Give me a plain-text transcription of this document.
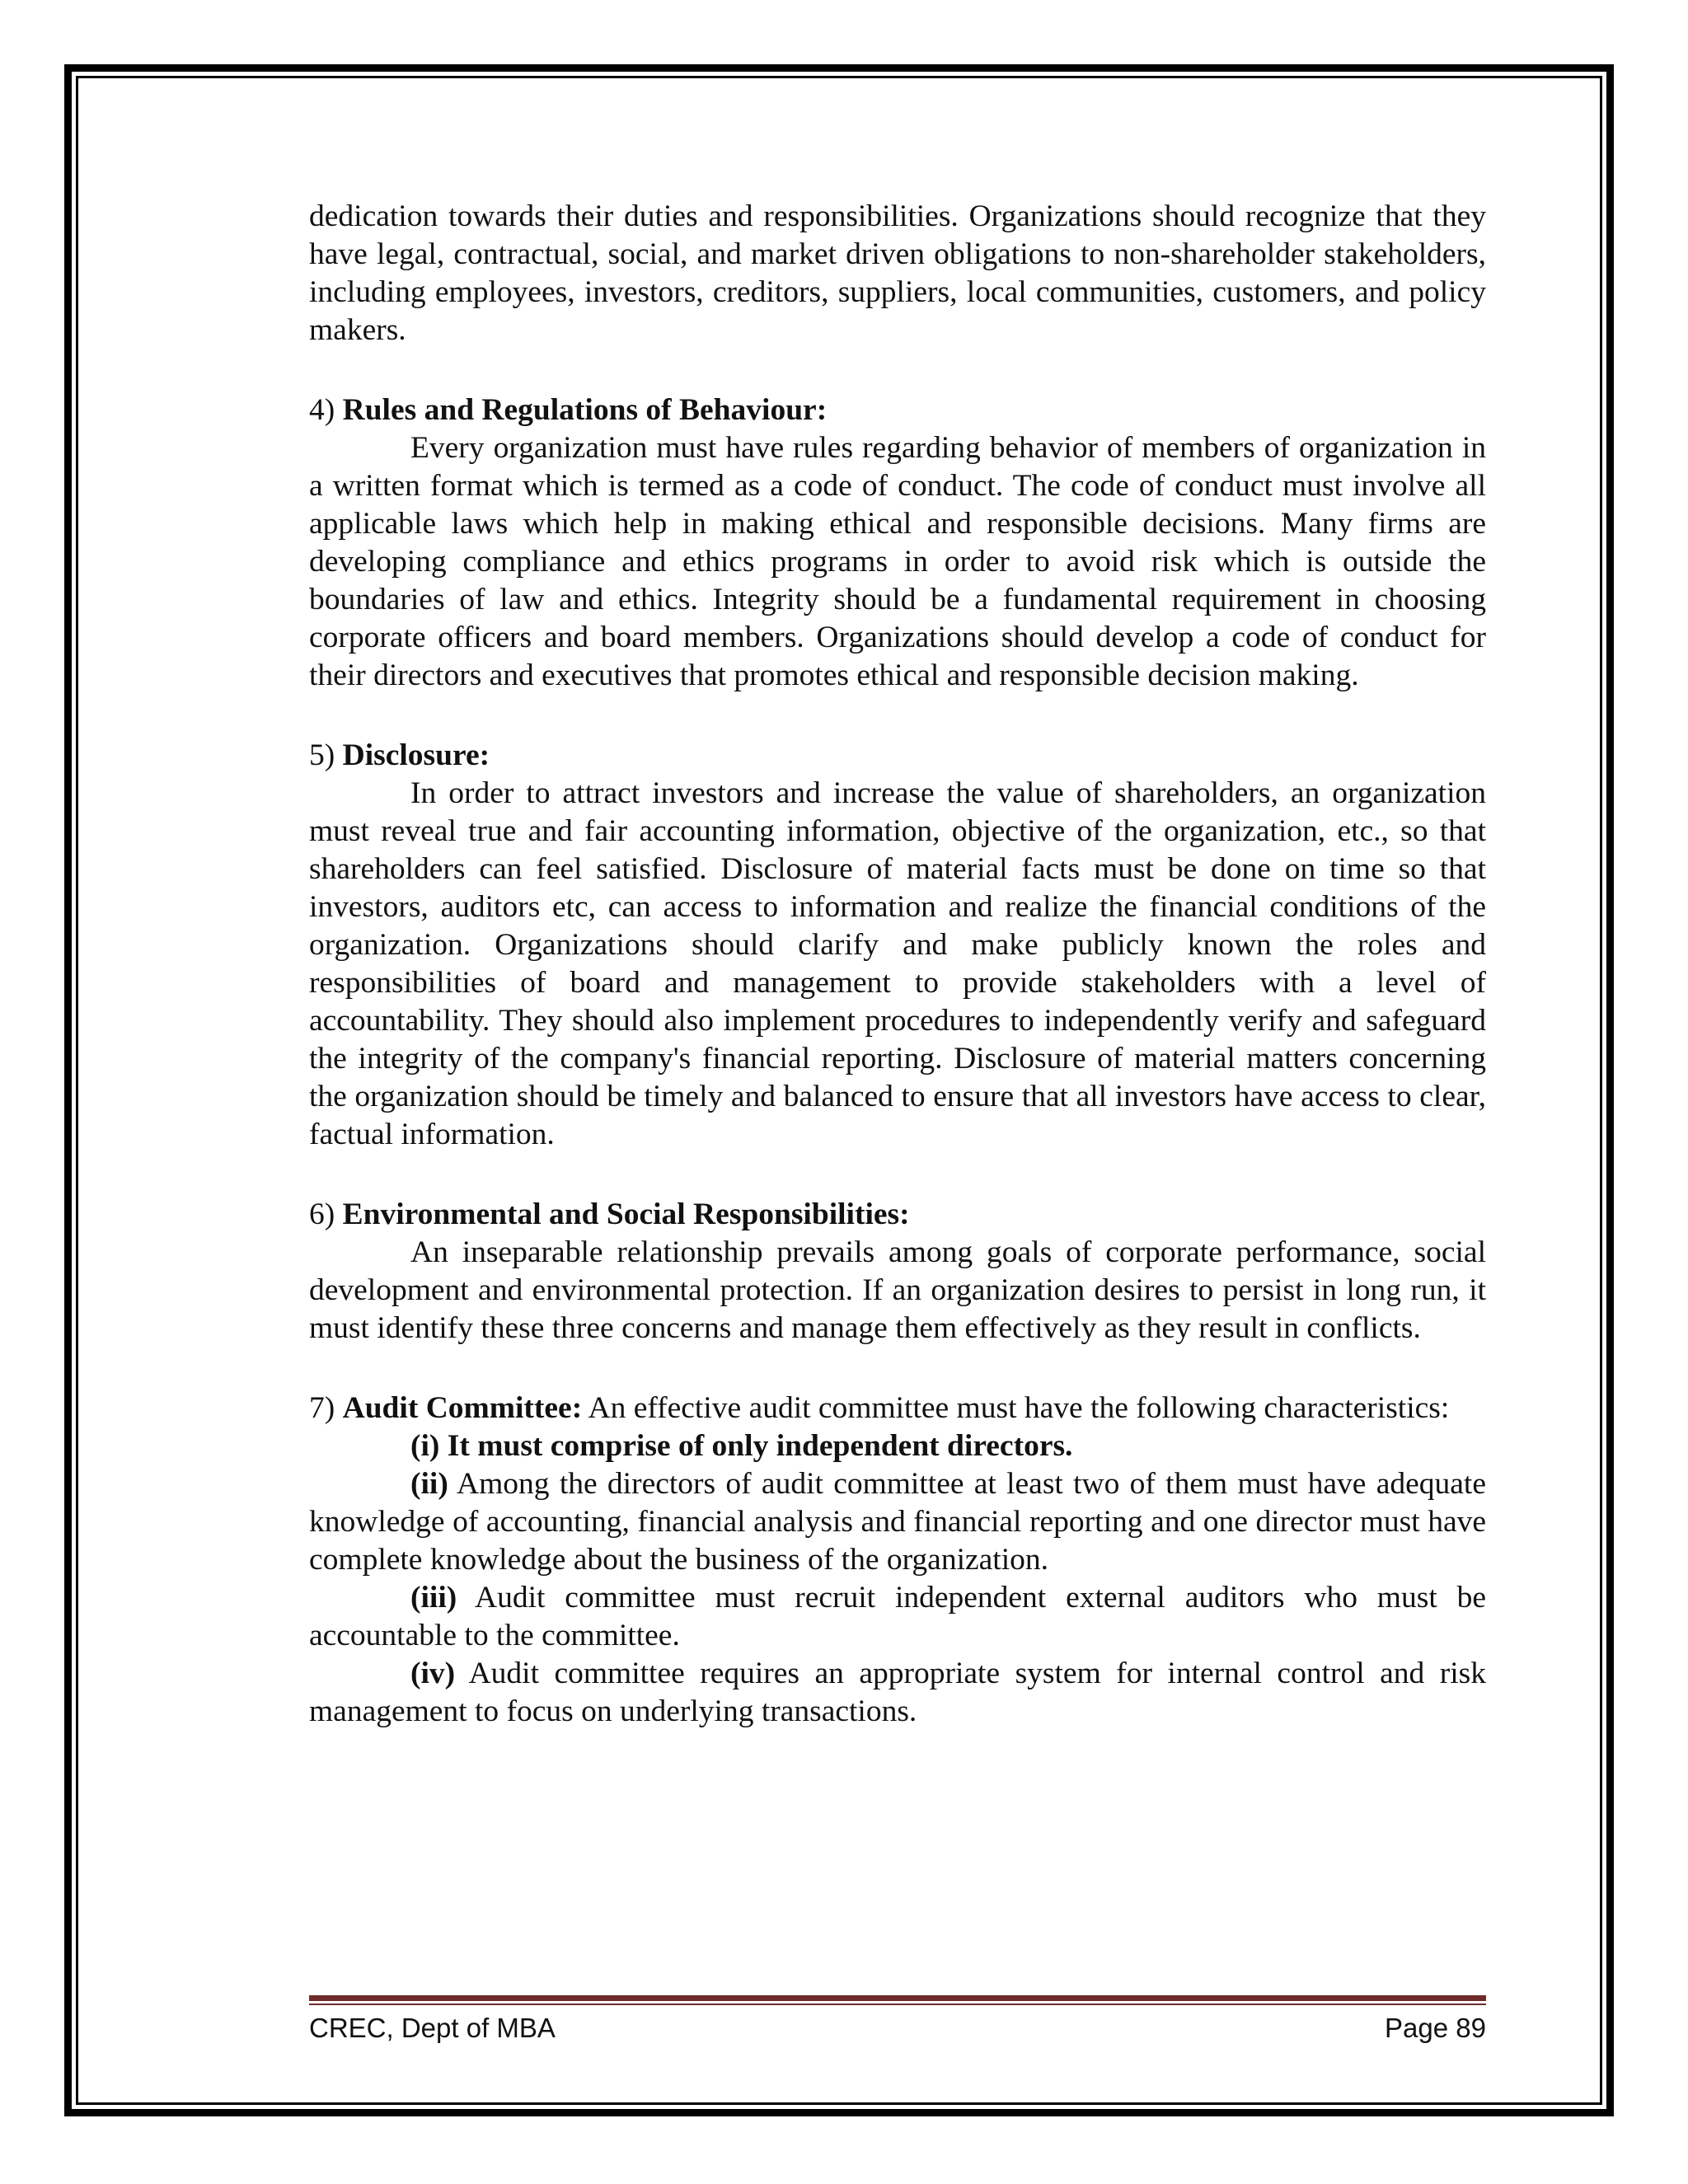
dedication towards their duties and responsibilities. Organizations should recognize that they have legal, contractual, social, and market driven obligations to non-shareholder stakeholders, including employees, investors, creditors, suppliers, local communities, customers, and policy makers.

4) Rules and Regulations of Behaviour:

Every organization must have rules regarding behavior of members of organization in a written format which is termed as a code of conduct. The code of conduct must involve all applicable laws which help in making ethical and responsible decisions. Many firms are developing compliance and ethics programs in order to avoid risk which is outside the boundaries of law and ethics. Integrity should be a fundamental requirement in choosing corporate officers and board members. Organizations should develop a code of conduct for their directors and executives that promotes ethical and responsible decision making.

5) Disclosure:

In order to attract investors and increase the value of shareholders, an organization must reveal true and fair accounting information, objective of the organization, etc., so that shareholders can feel satisfied. Disclosure of material facts must be done on time so that investors, auditors etc, can access to information and realize the financial conditions of the organization. Organizations should clarify and make publicly known the roles and responsibilities of board and management to provide stakeholders with a level of accountability. They should also implement procedures to independently verify and safeguard the integrity of the company's financial reporting. Disclosure of material matters concerning the organization should be timely and balanced to ensure that all investors have access to clear, factual information.

6) Environmental and Social Responsibilities:

An inseparable relationship prevails among goals of corporate performance, social development and environmental protection. If an organization desires to persist in long run, it must identify these three concerns and manage them effectively as they result in conflicts.

7) Audit Committee: An effective audit committee must have the following characteristics:

(i) It must comprise of only independent directors.

(ii) Among the directors of audit committee at least two of them must have adequate knowledge of accounting, financial analysis and financial reporting and one director must have complete knowledge about the business of the organization.

(iii) Audit committee must recruit independent external auditors who must be accountable to the committee.

(iv) Audit committee requires an appropriate system for internal control and risk management to focus on underlying transactions.

CREC, Dept of MBA	Page 89
